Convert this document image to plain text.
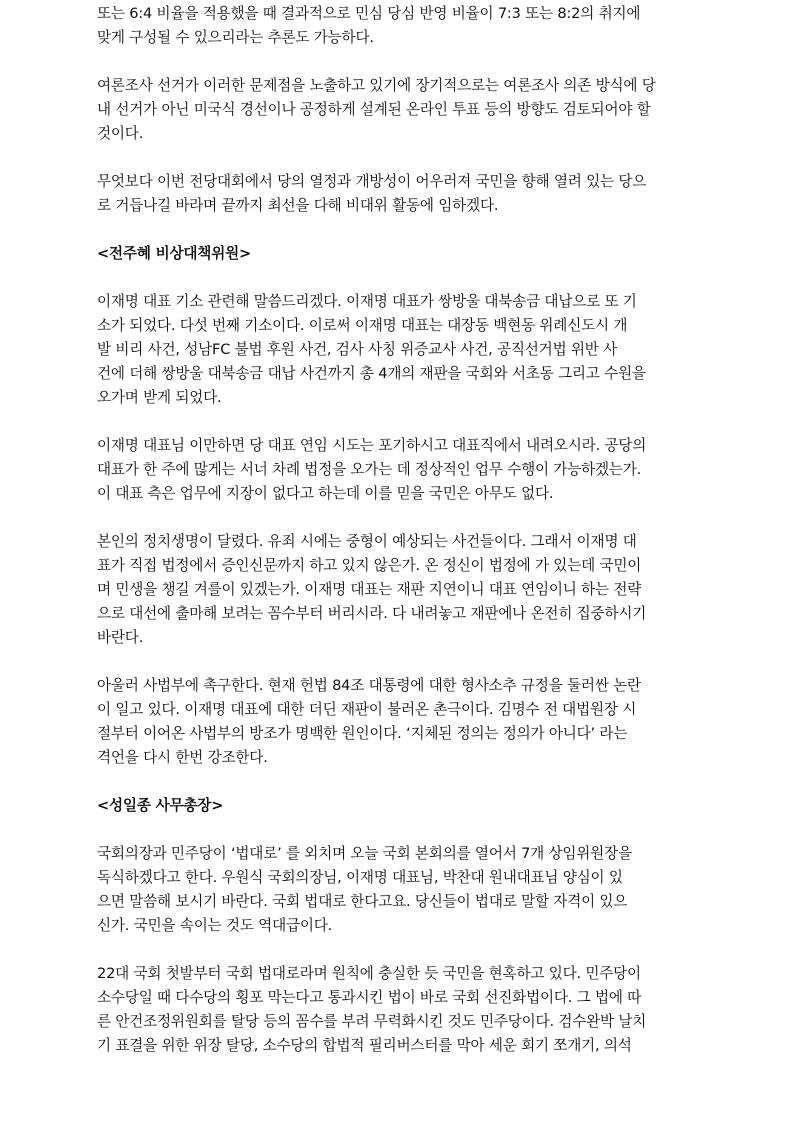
또는 6:4 비율을 적용했을 때 결과적으로 민심 당심 반영 비율이 7:3 또는 8:2의 취지에
맞게 구성될 수 있으리라는 추론도 가능하다.
여론조사 선거가 이러한 문제점을 노출하고 있기에 장기적으로는 여론조사 의존 방식에 당
내 선거가 아닌 미국식 경선이나 공정하게 설계된 온라인 투표 등의 방향도 검토되어야 할
것이다.
무엇보다 이번 전당대회에서 당의 열정과 개방성이 어우러져 국민을 향해 열려 있는 당으
로 거듭나길 바라며 끝까지 최선을 다해 비대위 활동에 임하겠다.
<전주혜 비상대책위원>
이재명 대표 기소 관련해 말씀드리겠다. 이재명 대표가 쌍방울 대북송금 대납으로 또 기
소가 되었다. 다섯 번째 기소이다. 이로써 이재명 대표는 대장동 백현동 위례신도시 개
발 비리 사건, 성남FC 불법 후원 사건, 검사 사칭 위증교사 사건, 공직선거법 위반 사
건에 더해 쌍방울 대북송금 대납 사건까지 총 4개의 재판을 국회와 서초동 그리고 수원을
오가며 받게 되었다.
이재명 대표님 이만하면 당 대표 연임 시도는 포기하시고 대표직에서 내려오시라. 공당의
대표가 한 주에 많게는 서너 차례 법정을 오가는 데 정상적인 업무 수행이 가능하겠는가.
이 대표 측은 업무에 지장이 없다고 하는데 이를 믿을 국민은 아무도 없다.
본인의 정치생명이 달렸다. 유죄 시에는 중형이 예상되는 사건들이다. 그래서 이재명 대
표가 직접 법정에서 증인신문까지 하고 있지 않은가. 온 정신이 법정에 가 있는데 국민이
며 민생을 챙길 겨를이 있겠는가. 이재명 대표는 재판 지연이니 대표 연임이니 하는 전략
으로 대선에 출마해 보려는 꼼수부터 버리시라. 다 내려놓고 재판에나 온전히 집중하시기
바란다.
아울러 사법부에 촉구한다. 현재 헌법 84조 대통령에 대한 형사소추 규정을 둘러싼 논란
이 일고 있다. 이재명 대표에 대한 더딘 재판이 불러온 촌극이다. 김명수 전 대법원장 시
절부터 이어온 사법부의 방조가 명백한 원인이다. ‘지체된 정의는 정의가 아니다’ 라는
격언을 다시 한번 강조한다.
<성일종 사무총장>
국회의장과 민주당이 ‘법대로’ 를 외치며 오늘 국회 본회의를 열어서 7개 상임위원장을
독식하겠다고 한다. 우원식 국회의장님, 이재명 대표님, 박찬대 원내대표님 양심이 있
으면 말씀해 보시기 바란다. 국회 법대로 한다고요. 당신들이 법대로 말할 자격이 있으
신가. 국민을 속이는 것도 역대급이다.
22대 국회 첫발부터 국회 법대로라며 원칙에 충실한 듯 국민을 현혹하고 있다. 민주당이
소수당일 때 다수당의 횡포 막는다고 통과시킨 법이 바로 국회 선진화법이다. 그 법에 따
른 안건조정위원회를 탈당 등의 꼼수를 부려 무력화시킨 것도 민주당이다. 검수완박 날치
기 표결을 위한 위장 탈당, 소수당의 합법적 필리버스터를 막아 세운 회기 쪼개기, 의석
